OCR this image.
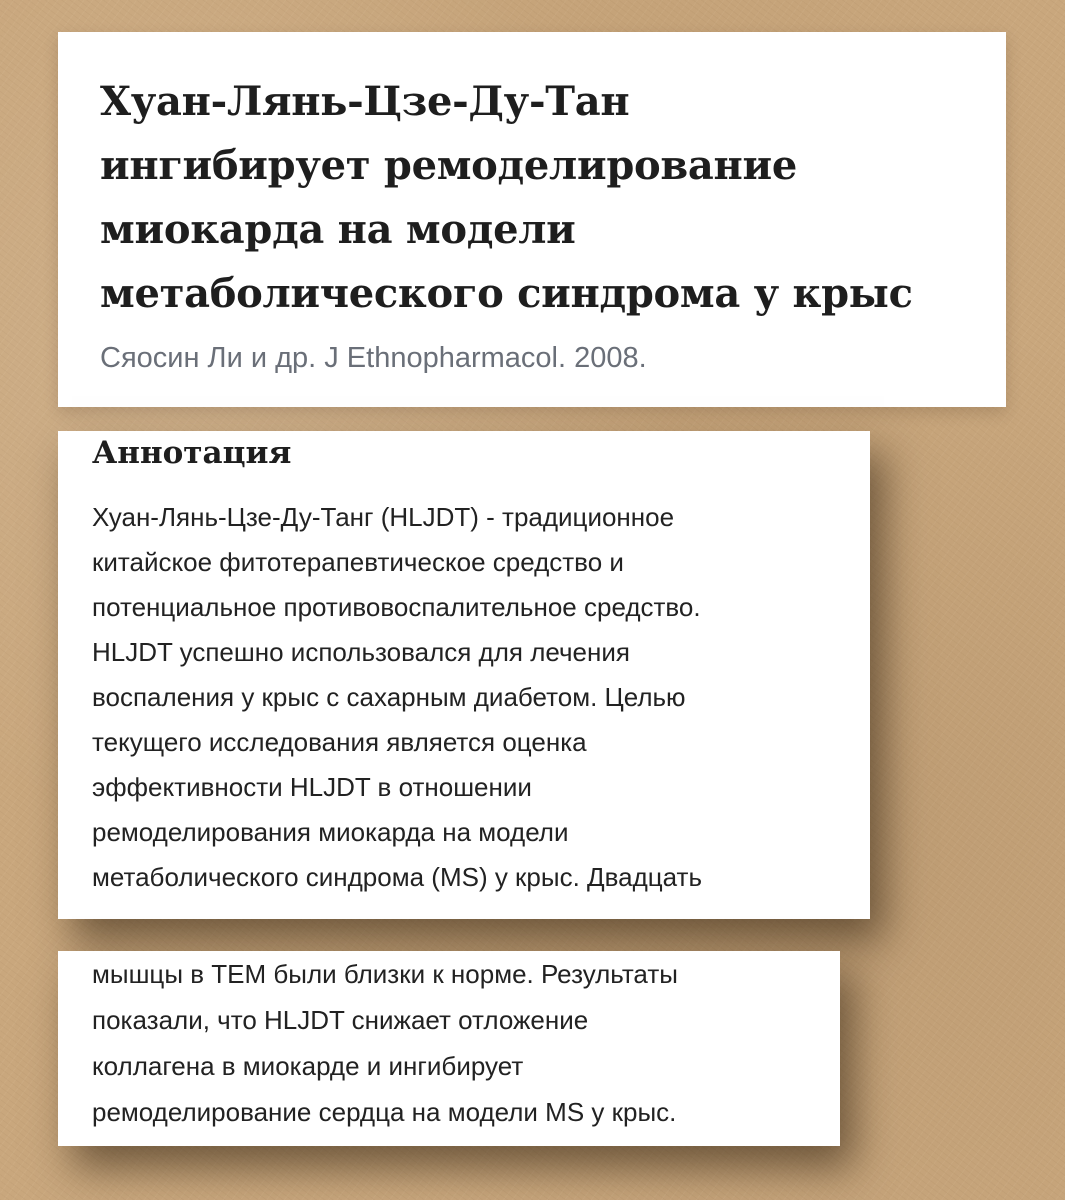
Хуан-Лянь-Цзе-Ду-Тан
ингибирует ремоделирование
миокарда на модели
метаболического синдрома у крыс

Сяосин Ли и др. J Ethnopharmacol. 2008.

Аннотация
Хуан-Лянь-Цзе-Ду-Танг (HLJDT) - традиционное
китайское фитотерапевтическое средство и
потенциальное противовоспалительное средство.
HLJDT успешно использовался для лечения
воспаления у крыс с сахарным диабетом. Целью
текущего исследования является оценка
эффективности HLJDT в отношении
ремоделирования миокарда на модели
метаболического синдрома (MS) у крыс. Двадцать
мышцы в ТЕМ были близки к норме. Результаты
показали, что HLJDT снижает отложение
коллагена в миокарде и ингибирует
ремоделирование сердца на модели MS у крыс.
